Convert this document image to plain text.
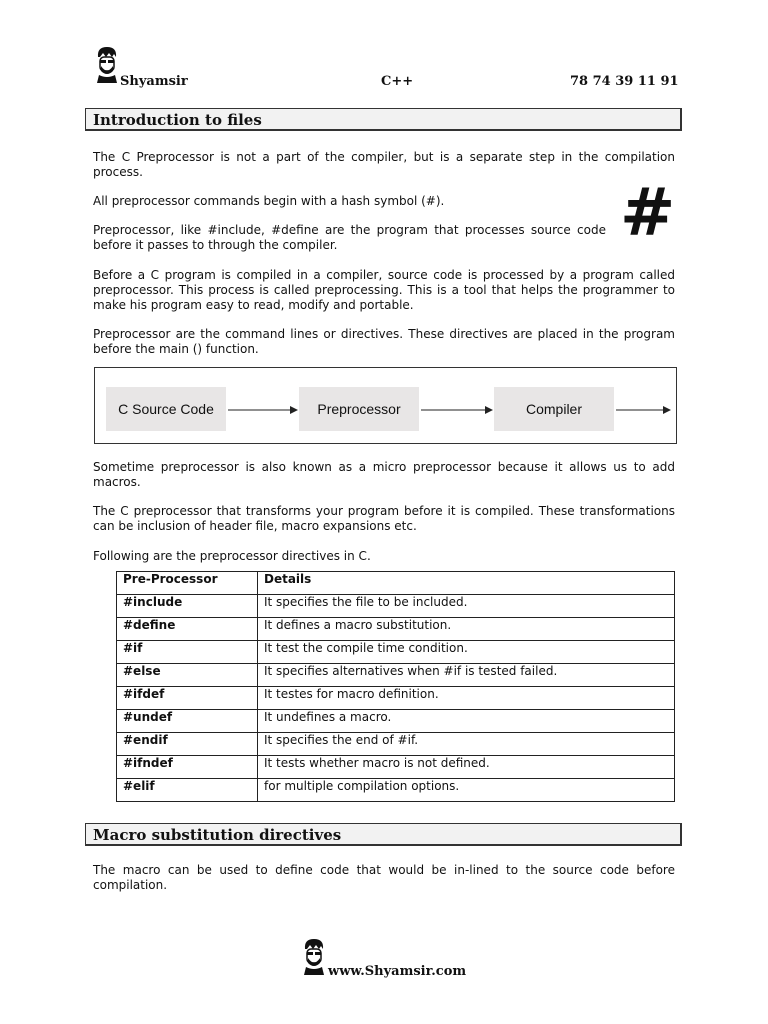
Shyamsir	C++	78 74 39 11 91
Introduction to files

The C Preprocessor is not a part of the compiler, but is a separate step in the compilation process.

All preprocessor commands begin with a hash symbol (#).

Preprocessor, like #include, #define are the program that processes source code before it passes to through the compiler.	#

Before a C program is compiled in a compiler, source code is processed by a program called preprocessor. This process is called preprocessing. This is a tool that helps the programmer to make his program easy to read, modify and portable.

Preprocessor are the command lines or directives. These directives are placed in the program before the main () function.

C Source Code	Preprocessor	Compiler

Sometime preprocessor is also known as a micro preprocessor because it allows us to add macros.

The C preprocessor that transforms your program before it is compiled. These transformations can be inclusion of header file, macro expansions etc.

Following are the preprocessor directives in C.

Pre-Processor	Details
#include	It specifies the file to be included.
#define	It defines a macro substitution.
#if	It test the compile time condition.
#else	It specifies alternatives when #if is tested failed.
#ifdef	It testes for macro definition.
#undef	It undefines a macro.
#endif	It specifies the end of #if.
#ifndef	It tests whether macro is not defined.
#elif	for multiple compilation options.
Macro substitution directives

The macro can be used to define code that would be in-lined to the source code before compilation.

www.Shyamsir.com
